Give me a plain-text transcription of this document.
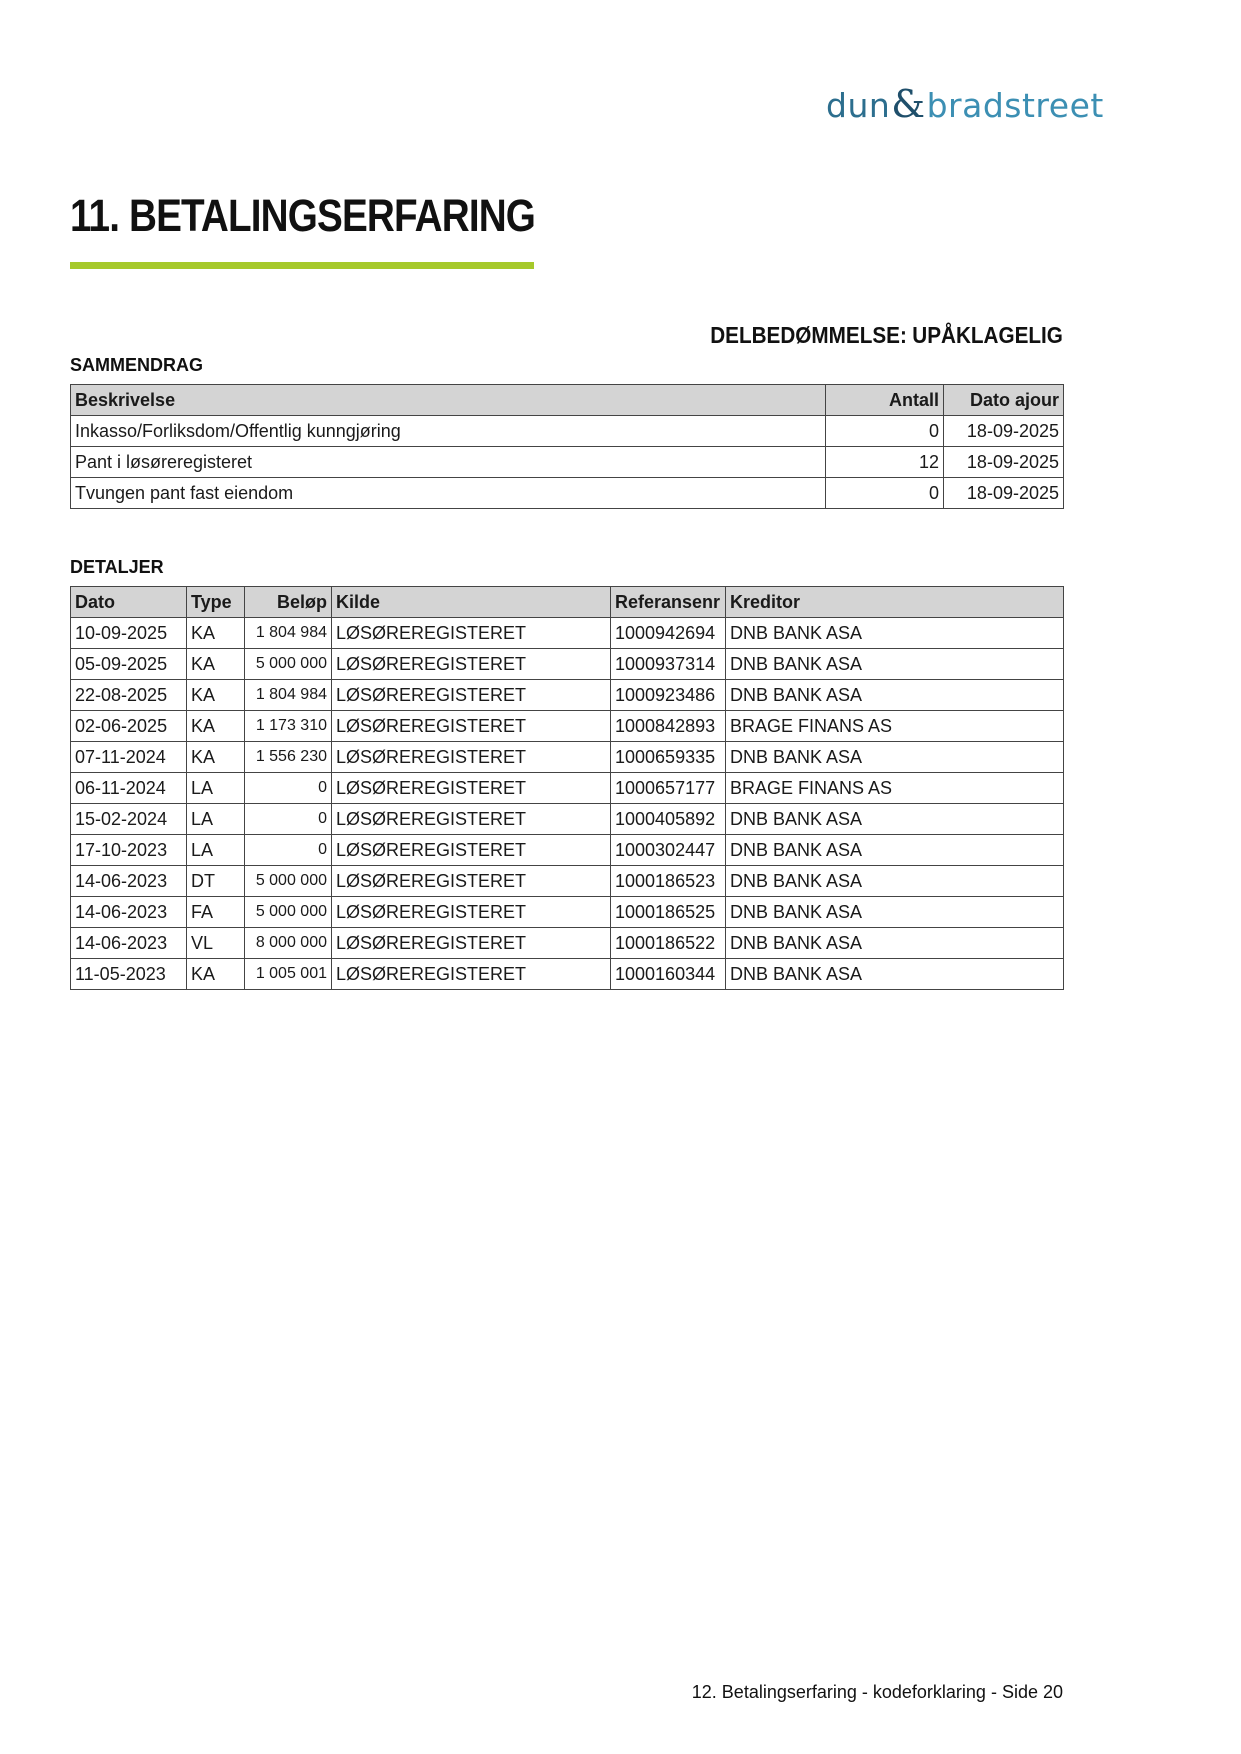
dun & bradstreet
11. BETALINGSERFARING
DELBEDØMMELSE: UPÅKLAGELIG
SAMMENDRAG
Beskrivelse	Antall	Dato ajour
Inkasso/Forliksdom/Offentlig kunngjøring	0	18-09-2025
Pant i løsøreregisteret	12	18-09-2025
Tvungen pant fast eiendom	0	18-09-2025
DETALJER
Dato	Type	Beløp	Kilde	Referansenr	Kreditor
10-09-2025	KA	1 804 984	LØSØREREGISTERET	1000942694	DNB BANK ASA
05-09-2025	KA	5 000 000	LØSØREREGISTERET	1000937314	DNB BANK ASA
22-08-2025	KA	1 804 984	LØSØREREGISTERET	1000923486	DNB BANK ASA
02-06-2025	KA	1 173 310	LØSØREREGISTERET	1000842893	BRAGE FINANS AS
07-11-2024	KA	1 556 230	LØSØREREGISTERET	1000659335	DNB BANK ASA
06-11-2024	LA	0	LØSØREREGISTERET	1000657177	BRAGE FINANS AS
15-02-2024	LA	0	LØSØREREGISTERET	1000405892	DNB BANK ASA
17-10-2023	LA	0	LØSØREREGISTERET	1000302447	DNB BANK ASA
14-06-2023	DT	5 000 000	LØSØREREGISTERET	1000186523	DNB BANK ASA
14-06-2023	FA	5 000 000	LØSØREREGISTERET	1000186525	DNB BANK ASA
14-06-2023	VL	8 000 000	LØSØREREGISTERET	1000186522	DNB BANK ASA
11-05-2023	KA	1 005 001	LØSØREREGISTERET	1000160344	DNB BANK ASA
12. Betalingserfaring - kodeforklaring - Side 20
